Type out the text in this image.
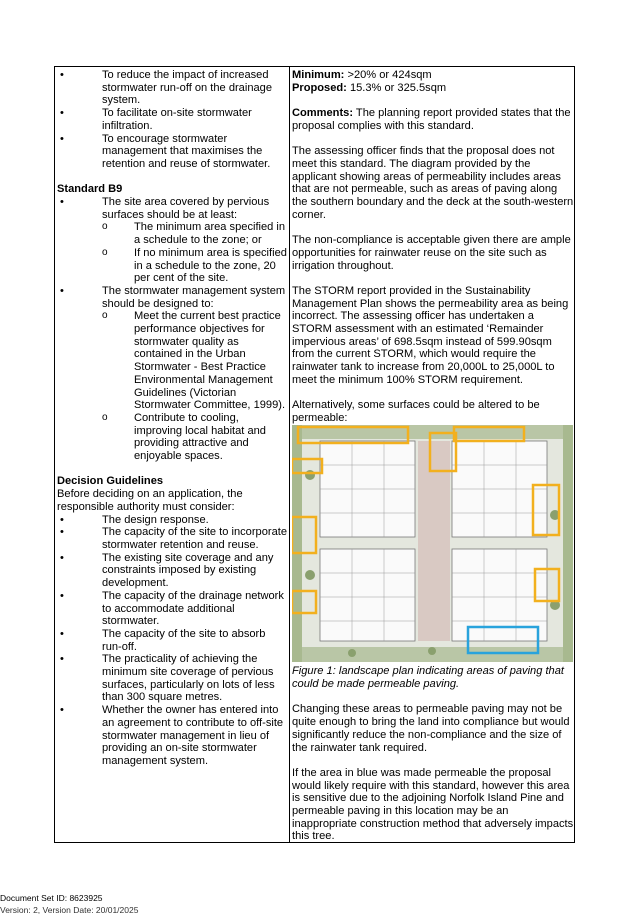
•	To reduce the impact of increased stormwater run-off on the drainage system.
•	To facilitate on-site stormwater infiltration.
•	To encourage stormwater management that maximises the retention and reuse of stormwater.
Standard B9
•	The site area covered by pervious surfaces should be at least:
o	The minimum area specified in a schedule to the zone; or
o	If no minimum area is specified in a schedule to the zone, 20 per cent of the site.
•	The stormwater management system should be designed to:
o	Meet the current best practice performance objectives for stormwater quality as contained in the Urban Stormwater - Best Practice Environmental Management Guidelines (Victorian Stormwater Committee, 1999).
o	Contribute to cooling, improving local habitat and providing attractive and enjoyable spaces.
Decision Guidelines
Before deciding on an application, the responsible authority must consider:
•	The design response.
•	The capacity of the site to incorporate stormwater retention and reuse.
•	The existing site coverage and any constraints imposed by existing development.
•	The capacity of the drainage network to accommodate additional stormwater.
•	The capacity of the site to absorb run-off.
•	The practicality of achieving the minimum site coverage of pervious surfaces, particularly on lots of less than 300 square metres.
•	Whether the owner has entered into an agreement to contribute to off-site stormwater management in lieu of providing an on-site stormwater management system.

Minimum: >20% or 424sqm

Proposed: 15.3% or 325.5sqm

Comments: The planning report provided states that the proposal complies with this standard.

The assessing officer finds that the proposal does not meet this standard. The diagram provided by the applicant showing areas of permeability includes areas that are not permeable, such as areas of paving along the southern boundary and the deck at the south-western corner.

The non-compliance is acceptable given there are ample opportunities for rainwater reuse on the site such as irrigation throughout.

The STORM report provided in the Sustainability Management Plan shows the permeability area as being incorrect. The assessing officer has undertaken a STORM assessment with an estimated ‘Remainder impervious areas’ of 698.5sqm instead of 599.90sqm from the current STORM, which would require the rainwater tank to increase from 20,000L to 25,000L to meet the minimum 100% STORM requirement.

Alternatively, some surfaces could be altered to be permeable:

Figure 1: landscape plan indicating areas of paving that could be made permeable paving.

Changing these areas to permeable paving may not be quite enough to bring the land into compliance but would significantly reduce the non-compliance and the size of the rainwater tank required.

If the area in blue was made permeable the proposal would likely require with this standard, however this area is sensitive due to the adjoining Norfolk Island Pine and permeable paving in this location may be an inappropriate construction method that adversely impacts this tree.

Document Set ID: 8623925
Version: 2, Version Date: 20/01/2025
